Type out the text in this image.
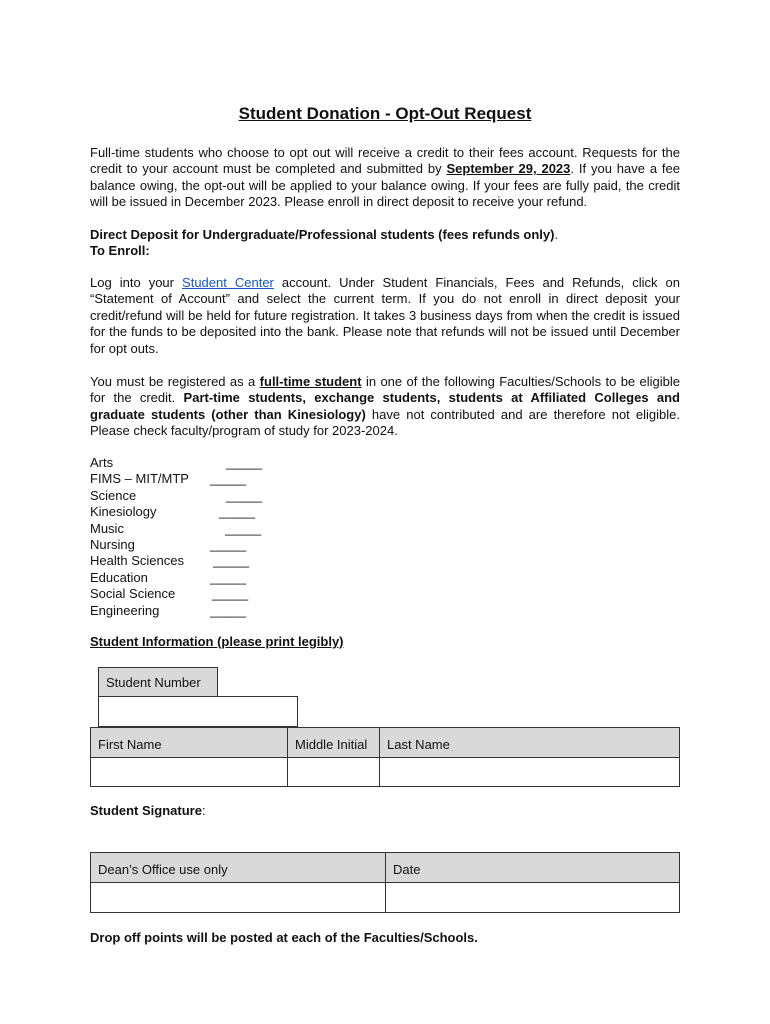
Student Donation - Opt-Out Request

Full-time students who choose to opt out will receive a credit to their fees account. Requests for the credit to your account must be completed and submitted by September 29, 2023. If you have a fee balance owing, the opt-out will be applied to your balance owing. If your fees are fully paid, the credit will be issued in December 2023. Please enroll in direct deposit to receive your refund.

Direct Deposit for Undergraduate/Professional students (fees refunds only).
To Enroll:

Log into your Student Center account. Under Student Financials, Fees and Refunds, click on “Statement of Account” and select the current term. If you do not enroll in direct deposit your credit/refund will be held for future registration. It takes 3 business days from when the credit is issued for the funds to be deposited into the bank. Please note that refunds will not be issued until December for opt outs.

You must be registered as a full-time student in one of the following Faculties/Schools to be eligible for the credit. Part-time students, exchange students, students at Affiliated Colleges and graduate students (other than Kinesiology) have not contributed and are therefore not eligible. Please check faculty/program of study for 2023-2024.

Arts	_____
FIMS – MIT/MTP _____
Science	_____
Kinesiology	_____
Music	_____
Nursing	_____
Health Sciences _____
Education	_____
Social Science	_____
Engineering	_____
Student Information (please print legibly)
Student Number
First Name	Middle Initial	Last Name
Student Signature:
Dean’s Office use only	Date
Drop off points will be posted at each of the Faculties/Schools.
